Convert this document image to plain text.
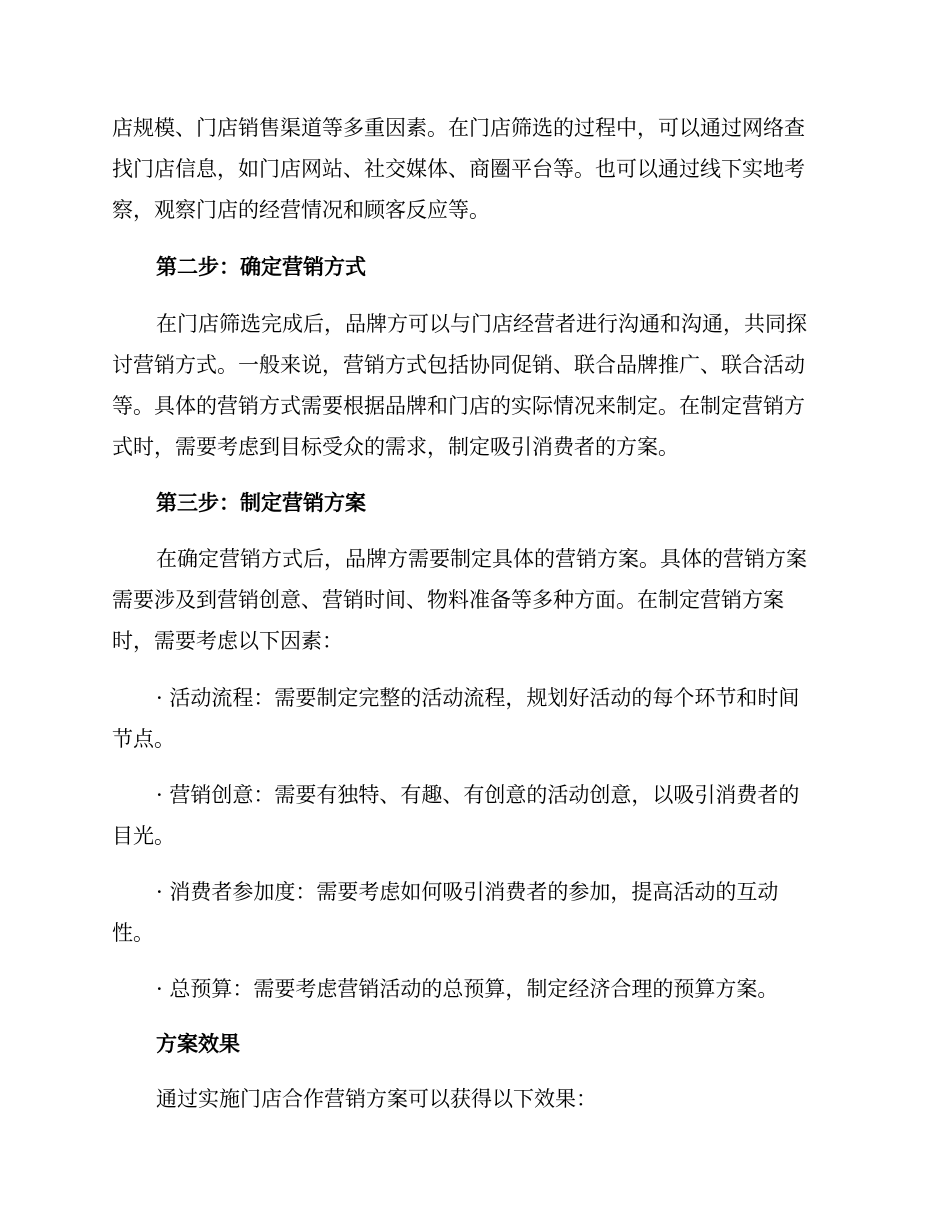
店规模、门店销售渠道等多重因素。在门店筛选的过程中，可以通过网络查
找门店信息，如门店网站、社交媒体、商圈平台等。也可以通过线下实地考
察，观察门店的经营情况和顾客反应等。
第二步：确定营销方式
在门店筛选完成后，品牌方可以与门店经营者进行沟通和沟通，共同探
讨营销方式。一般来说，营销方式包括协同促销、联合品牌推广、联合活动
等。具体的营销方式需要根据品牌和门店的实际情况来制定。在制定营销方
式时，需要考虑到目标受众的需求，制定吸引消费者的方案。
第三步：制定营销方案
在确定营销方式后，品牌方需要制定具体的营销方案。具体的营销方案
需要涉及到营销创意、营销时间、物料准备等多种方面。在制定营销方案
时，需要考虑以下因素：
· 活动流程：需要制定完整的活动流程，规划好活动的每个环节和时间
节点。
· 营销创意：需要有独特、有趣、有创意的活动创意，以吸引消费者的
目光。
· 消费者参加度：需要考虑如何吸引消费者的参加，提高活动的互动
性。
· 总预算：需要考虑营销活动的总预算，制定经济合理的预算方案。
方案效果
通过实施门店合作营销方案可以获得以下效果：
